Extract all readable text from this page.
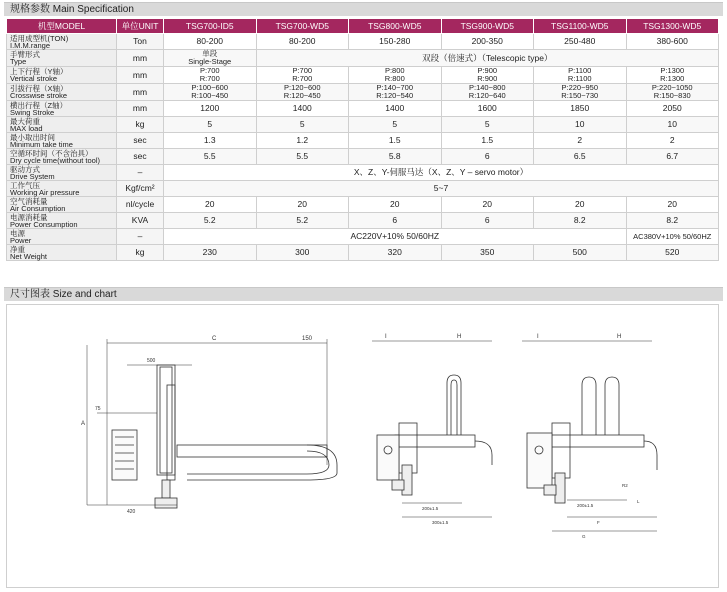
规格参数 Main Specification
机型MODEL	单位UNIT	TSG700-ID5	TSG700-WD5	TSG800-WD5	TSG900-WD5	TSG1100-WD5	TSG1300-WD5

适用成型机(TON)
I.M.M.range	Ton	80-200	80-200	150-280	200-350	250-480	380-600

手臂形式
Type	mm	单段
Single-Stage	双段（倍速式）（Telescopic type）				

上下行程（Y轴）
Vertical stroke	mm	P:700
R:700	P:700
R:700	P:800
R:800	P:900
R:900	P:1100
R:1100	P:1300
R:1300

引拔行程（X轴）
Crosswise stroke	mm	P:100~600
R:100~450	P:120~600
R:120~450	P:140~700
R:120~540	P:140~800
R:120~640	P:220~950
R:150~730	P:220~1050
R:150~830

横出行程（Z轴）
Swing Stroke	mm	1200	1400	1400	1600	1850	2050

最大荷重
MAX load	kg	5	5	5	5	10	10

最小取出时间
Minimum take time	sec	1.3	1.2	1.5	1.5	2	2

空循环时间（不含治具）
Dry cycle time(without tool)	sec	5.5	5.5	5.8	6	6.5	6.7

驱动方式
Drive System	–	X、Z、Y-伺服马达（X、Z、Y – servo motor）					

工作气压
Working Air pressure	Kgf/cm²	5~7					

空气消耗量
Air Consumption	nl/cycle	20	20	20	20	20	20

电源消耗量
Power Consumption	KVA	5.2	5.2	6	6	8.2	8.2

电源
Power	–	AC220V+10% 50/60HZ					AC380V+10% 50/60HZ

净重
Net Weight	kg	230	300	320	350	500	520
尺寸图表 Size and chart
C	150
A
500
75
420
I	H
200±1.5
300±1.5
I	H
200±1.5
F
G
R2
L
